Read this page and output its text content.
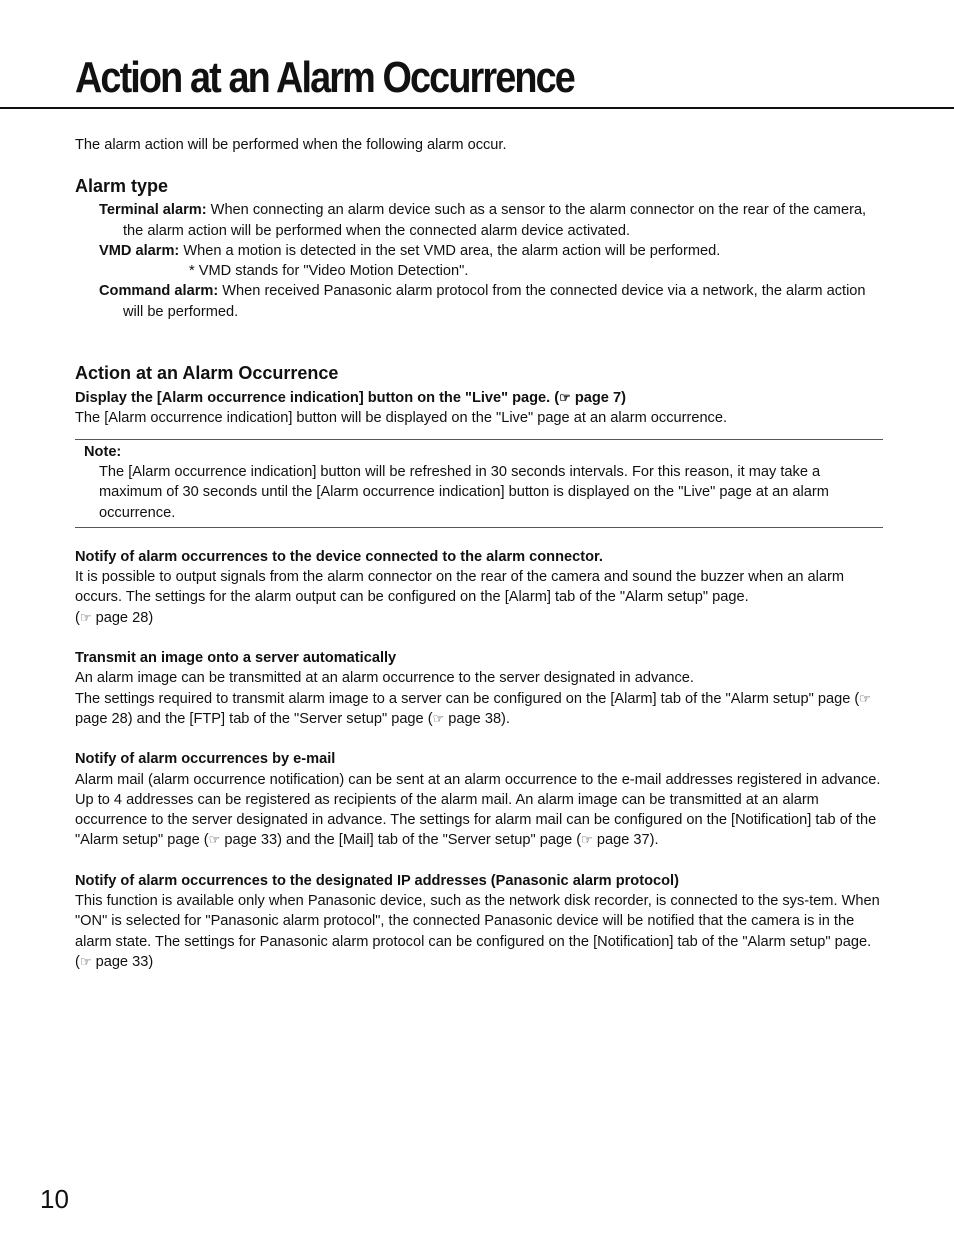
Action at an Alarm Occurrence

The alarm action will be performed when the following alarm occur.

Alarm type

Terminal alarm: When connecting an alarm device such as a sensor to the alarm connector on the rear of the camera, the alarm action will be performed when the connected alarm device activated.

VMD alarm: When a motion is detected in the set VMD area, the alarm action will be performed.

* VMD stands for "Video Motion Detection".

Command alarm: When received Panasonic alarm protocol from the connected device via a network, the alarm action will be performed.

Action at an Alarm Occurrence

Display the [Alarm occurrence indication] button on the "Live" page. (☞ page 7)

The [Alarm occurrence indication] button will be displayed on the "Live" page at an alarm occurrence.

Note:

The [Alarm occurrence indication] button will be refreshed in 30 seconds intervals. For this reason, it may take a maximum of 30 seconds until the [Alarm occurrence indication] button is displayed on the "Live" page at an alarm occurrence.

Notify of alarm occurrences to the device connected to the alarm connector.

It is possible to output signals from the alarm connector on the rear of the camera and sound the buzzer when an alarm occurs. The settings for the alarm output can be configured on the [Alarm] tab of the "Alarm setup" page.
(☞ page 28)

Transmit an image onto a server automatically

An alarm image can be transmitted at an alarm occurrence to the server designated in advance.

The settings required to transmit alarm image to a server can be configured on the [Alarm] tab of the "Alarm setup" page (☞ page 28) and the [FTP] tab of the "Server setup" page (☞ page 38).

Notify of alarm occurrences by e-mail

Alarm mail (alarm occurrence notification) can be sent at an alarm occurrence to the e-mail addresses registered in advance. Up to 4 addresses can be registered as recipients of the alarm mail. An alarm image can be transmitted at an alarm occurrence to the server designated in advance. The settings for alarm mail can be configured on the [Notification] tab of the "Alarm setup" page (☞ page 33) and the [Mail] tab of the "Server setup" page (☞ page 37).

Notify of alarm occurrences to the designated IP addresses (Panasonic alarm protocol)

This function is available only when Panasonic device, such as the network disk recorder, is connected to the sys-tem. When "ON" is selected for "Panasonic alarm protocol", the connected Panasonic device will be notified that the camera is in the alarm state. The settings for Panasonic alarm protocol can be configured on the [Notification] tab of the "Alarm setup" page. (☞ page 33)

10
